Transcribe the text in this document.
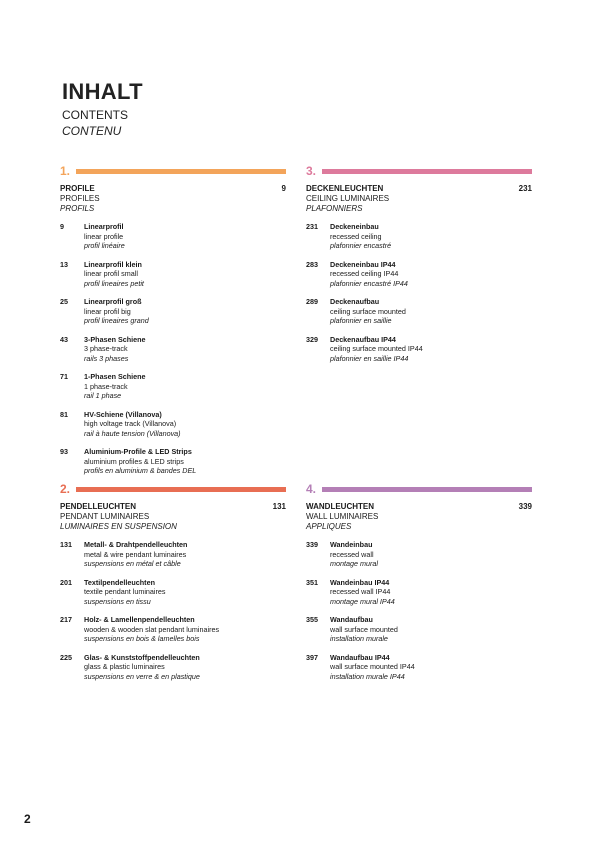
INHALT
CONTENTS
CONTENU
1.
PROFILE	9
PROFILES
PROFILS
9	Linearprofil
linear profile
profil linéaire
13	Linearprofil klein
linear profil small
profil lineaires petit
25	Linearprofil groß
linear profil big
profil lineaires grand
43	3-Phasen Schiene
3 phase-track
rails 3 phases
71	1-Phasen Schiene
1 phase-track
rail 1 phase
81	HV-Schiene (Villanova)
high voltage track (Villanova)
rail à haute tension (Villanova)
93	Aluminium-Profile & LED Strips
aluminium profiles & LED strips
profils en aluminium & bandes DEL
2.
PENDELLEUCHTEN	131
PENDANT LUMINAIRES
LUMINAIRES EN SUSPENSION
131	Metall- & Drahtpendelleuchten
metal & wire pendant luminaires
suspensions en métal et câble
201	Textilpendelleuchten
textile pendant luminaires
suspensions en tissu
217	Holz- & Lamellenpendelleuchten
wooden & wooden slat pendant luminaires
suspensions en bois & lamelles bois
225	Glas- & Kunststoffpendelleuchten
glass & plastic luminaires
suspensions en verre & en plastique
3.
DECKENLEUCHTEN	231
CEILING LUMINAIRES
PLAFONNIERS
231	Deckeneinbau
recessed ceiling
plafonnier encastré
283	Deckeneinbau IP44
recessed ceiling IP44
plafonnier encastré IP44
289	Deckenaufbau
ceiling surface mounted
plafonnier en saillie
329	Deckenaufbau IP44
ceiling surface mounted IP44
plafonnier en saillie IP44
4.
WANDLEUCHTEN	339
WALL LUMINAIRES
APPLIQUES
339	Wandeinbau
recessed wall
montage mural
351	Wandeinbau IP44
recessed wall IP44
montage mural IP44
355	Wandaufbau
wall surface mounted
installation murale
397	Wandaufbau IP44
wall surface mounted IP44
installation murale IP44
2
